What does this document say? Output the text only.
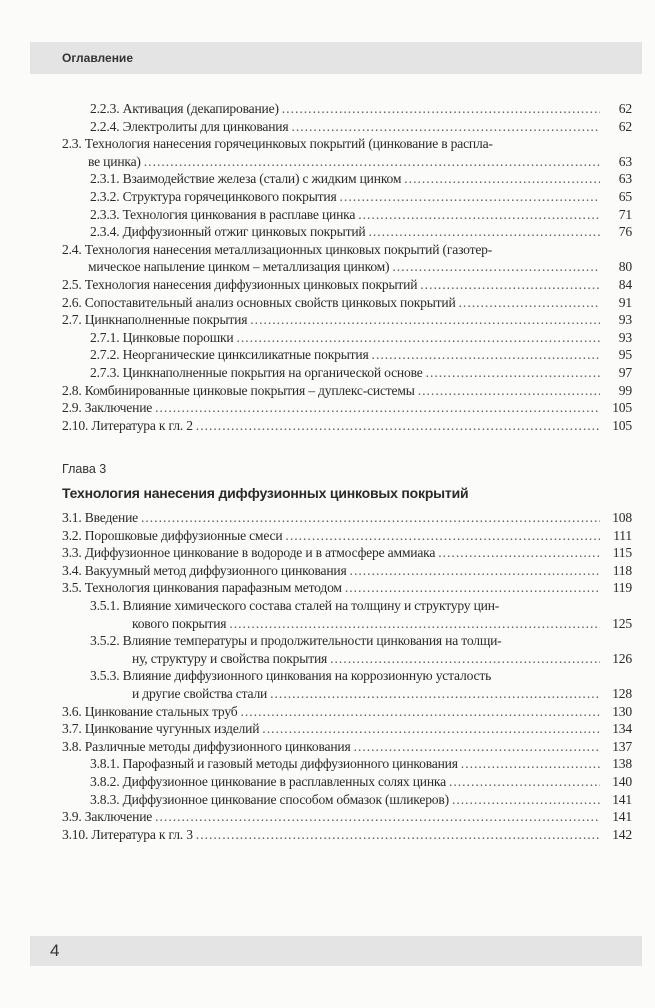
Оглавление
62
2.2.3. Активация (декапирование)
.....
62
2.2.4. Электролиты для цинкования
.....
2.3. Технология нанесения горячецинковых покрытий (цинкование в распла-
63
ве цинка)
.....
63
2.3.1. Взаимодействие железа (стали) с жидким цинком
.....
65
2.3.2. Структура горячецинкового покрытия
.....
71
2.3.3. Технология цинкования в расплаве цинка
.....
76
2.3.4. Диффузионный отжиг цинковых покрытий
.....
2.4. Технология нанесения металлизационных цинковых покрытий (газотер-
80
мическое напыление цинком – металлизация цинком)
.....
84
2.5. Технология нанесения диффузионных цинковых покрытий
.....
91
2.6. Сопоставительный анализ основных свойств цинковых покрытий
.....
93
2.7. Цинкнаполненные покрытия
.....
93
2.7.1. Цинковые порошки
.....
95
2.7.2. Неорганические цинксиликатные покрытия
.....
97
2.7.3. Цинкнаполненные покрытия на органической основе
.....
99
2.8. Комбинированные цинковые покрытия – дуплекс-системы
.....
105
2.9. Заключение
.....
105
2.10. Литература к гл. 2
.....
Глава 3
Технология нанесения диффузионных цинковых покрытий
108
3.1. Введение
.....
111
3.2. Порошковые диффузионные смеси
.....
115
3.3. Диффузионное цинкование в водороде и в атмосфере аммиака
.....
118
3.4. Вакуумный метод диффузионного цинкования
.....
119
3.5. Технология цинкования парафазным методом
.....
3.5.1. Влияние химического состава сталей на толщину и структуру цин-
125
кового покрытия
.....
3.5.2. Влияние температуры и продолжительности цинкования на толщи-
126
ну, структуру и свойства покрытия
.....
3.5.3. Влияние диффузионного цинкования на коррозионную усталость
128
и другие свойства стали
.....
130
3.6. Цинкование стальных труб
.....
134
3.7. Цинкование чугунных изделий
.....
137
3.8. Различные методы диффузионного цинкования
.....
138
3.8.1. Парофазный и газовый методы диффузионного цинкования
.....
140
3.8.2. Диффузионное цинкование в расплавленных солях цинка
.....
141
3.8.3. Диффузионное цинкование способом обмазок (шликеров)
.....
141
3.9. Заключение
.....
142
3.10. Литература к гл. 3
.....
4
